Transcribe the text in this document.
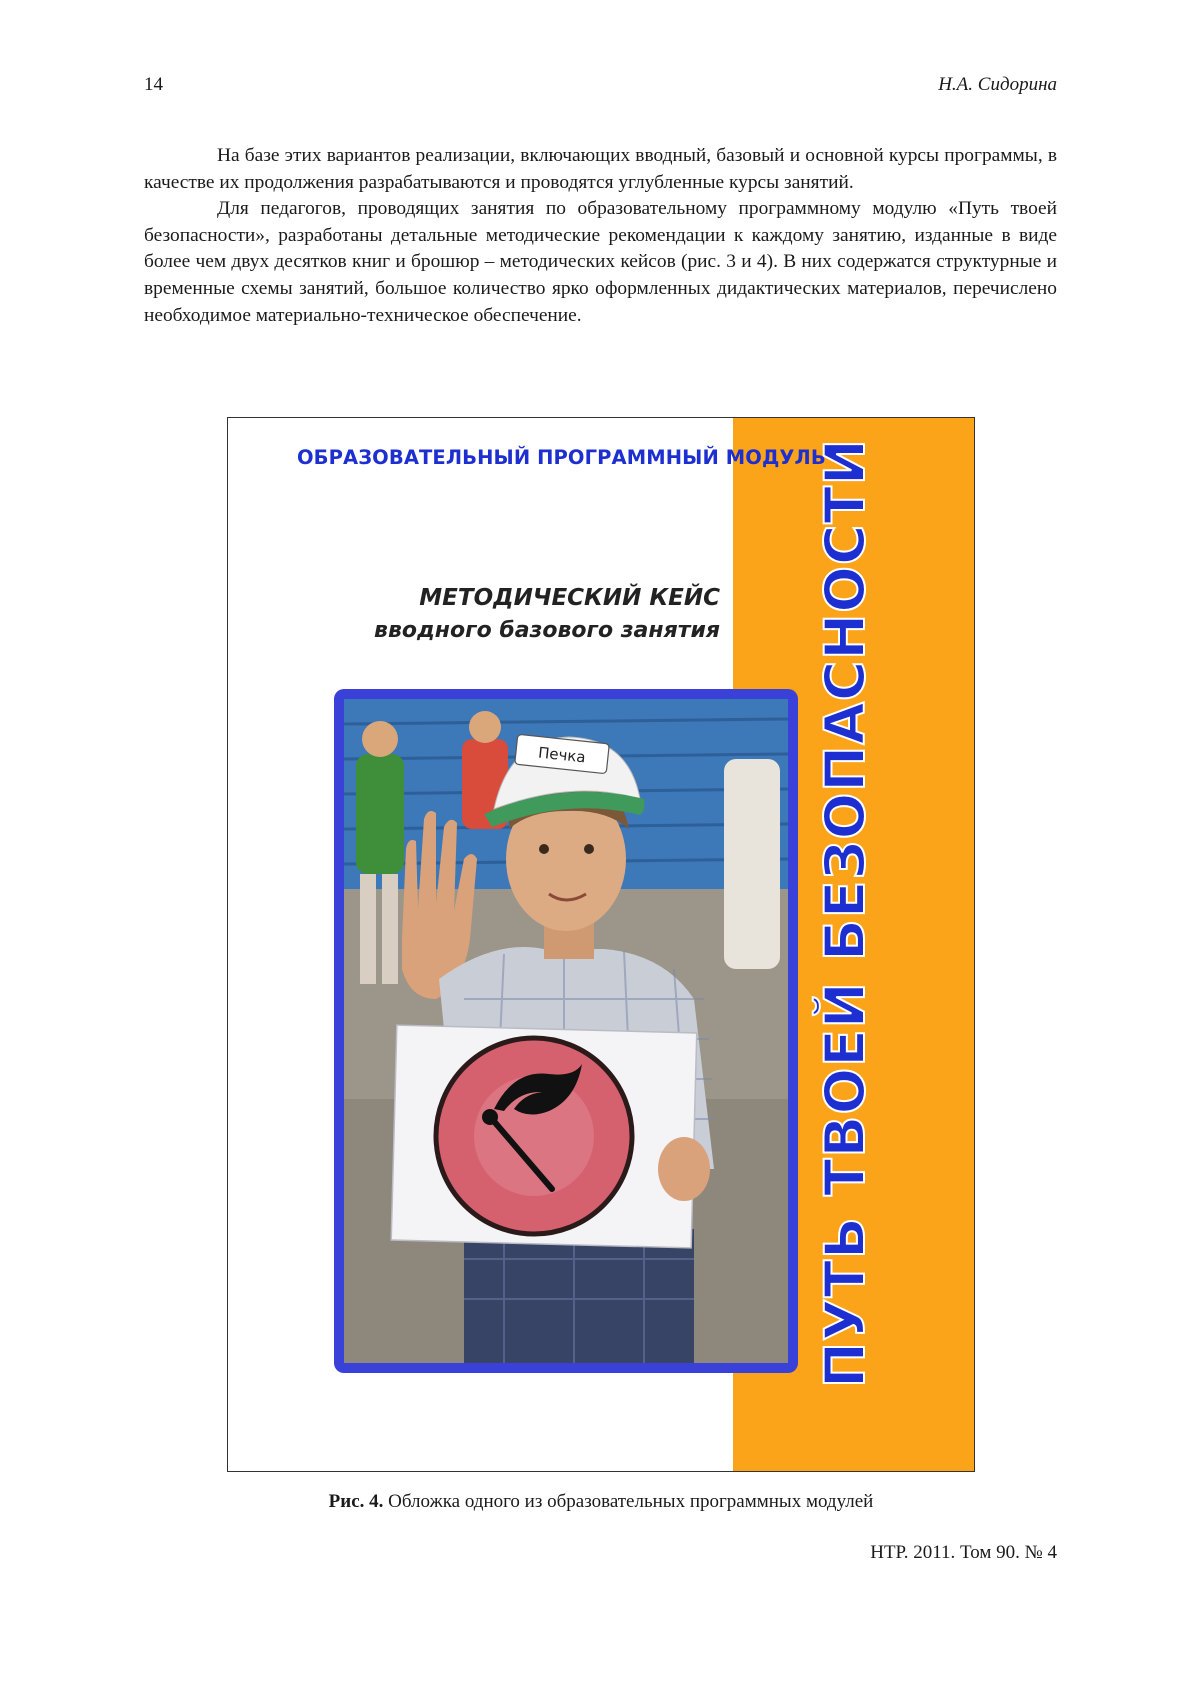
14	Н.А. Сидорина

На базе этих вариантов реализации, включающих вводный, базовый и основной курсы программы, в качестве их продолжения разрабатываются и проводятся углубленные курсы занятий.

Для педагогов, проводящих занятия по образовательному программному модулю «Путь твоей безопасности», разработаны детальные методические рекомендации к каждому занятию, изданные в виде более чем двух десятков книг и брошюр – методических кейсов (рис. 3 и 4). В них содержатся структурные и временные схемы занятий, большое количество ярко оформленных дидактических материалов, перечислено необходимое материально-техническое обеспечение.

ОБРАЗОВАТЕЛЬНЫЙ ПРОГРАММНЫЙ МОДУЛЬ
МЕТОДИЧЕСКИЙ КЕЙС
вводного базового занятия ПУТЬ ТВОЕЙ БЕЗОПАСНОСТИ
Печка
Рис. 4. Обложка одного из образовательных программных модулей
НТР. 2011. Том 90. № 4
